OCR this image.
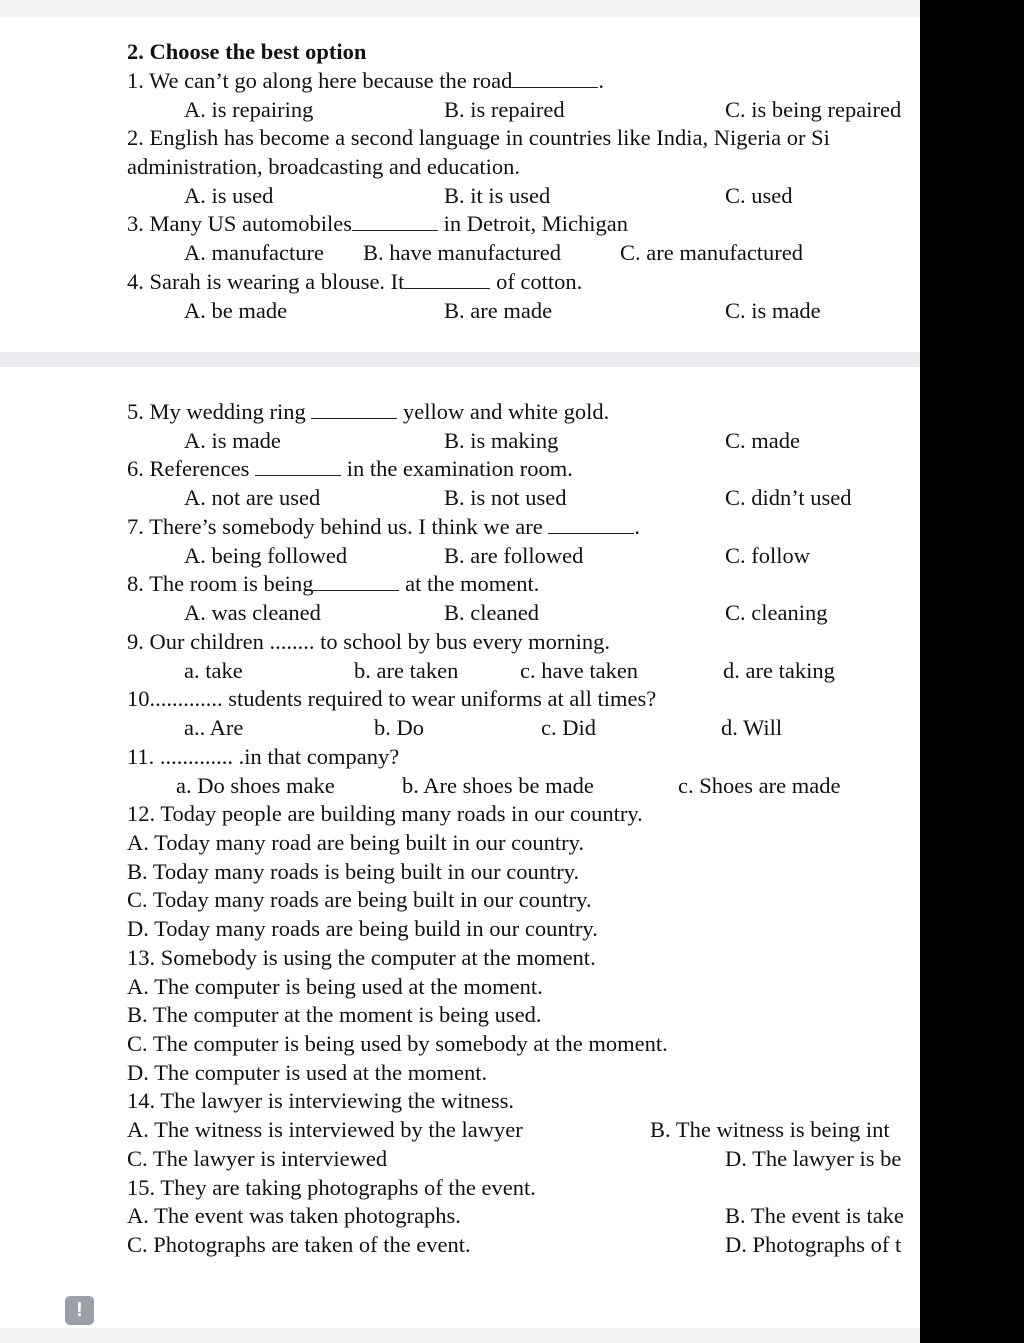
2. Choose the best option
1. We can’t go along here because the road	.
A. is repairing	B. is repaired	C. is being repaired
2. English has become a second language in countries like India, Nigeria or Si
administration, broadcasting and education.
A. is used	B. it is used	C. used
3. Many US automobiles	in Detroit, Michigan
A. manufacture B. have manufactured	C. are manufactured
4. Sarah is wearing a blouse. It	of cotton.
A. be made	B. are made	C. is made
5. My wedding ring	yellow and white gold.
A. is made	B. is making	C. made
6. References	in the examination room.
A. not are used	B. is not used	C. didn’t used
7. There’s somebody behind us. I think we are	.
A. being followed	B. are followed	C. follow
8. The room is being	at the moment.
A. was cleaned	B. cleaned	C. cleaning
9. Our children ........ to school by bus every morning.
a. take	b. are taken	c. have taken	d. are taking
10............. students required to wear uniforms at all times?
a.. Are	b. Do	c. Did	d. Will
11. ............. .in that company?
a. Do shoes make	b. Are shoes be made	c. Shoes are made
12. Today people are building many roads in our country.
A. Today many road are being built in our country.
B. Today many roads is being built in our country.
C. Today many roads are being built in our country.
D. Today many roads are being build in our country.
13. Somebody is using the computer at the moment.
A. The computer is being used at the moment.
B. The computer at the moment is being used.
C. The computer is being used by somebody at the moment.
D. The computer is used at the moment.
14. The lawyer is interviewing the witness.
A. The witness is interviewed by the lawyer	B. The witness is being int
C. The lawyer is interviewed	D. The lawyer is be
15. They are taking photographs of the event.
A. The event was taken photographs.	B. The event is take
C. Photographs are taken of the event.	D. Photographs of t
!
